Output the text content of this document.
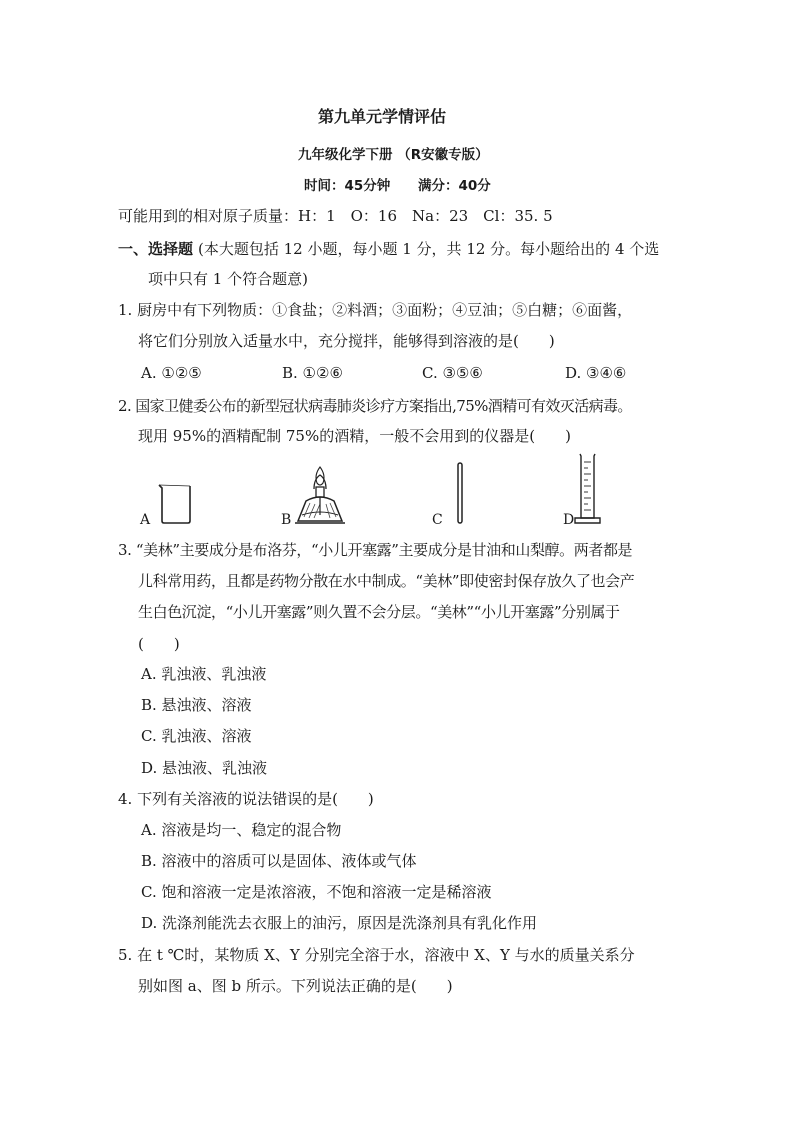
第九单元学情评估
九年级化学下册 （R安徽专版）
时间：45分钟 满分：40分
可能用到的相对原子质量：H：1　O：16　Na：23　Cl：35. 5
一、选择题 (本大题包括 12 小题，每小题 1 分，共 12 分。每小题给出的 4 个选
项中只有 1 个符合题意)
1. 厨房中有下列物质：①食盐；②料酒；③面粉；④豆油；⑤白糖；⑥面酱，
将它们分别放入适量水中，充分搅拌，能够得到溶液的是(　　)
A. ①②⑤	B. ①②⑥	C. ③⑤⑥	D. ③④⑥
2. 国家卫健委公布的新型冠状病毒肺炎诊疗方案指出,75%酒精可有效灭活病毒。
现用 95%的酒精配制 75%的酒精，一般不会用到的仪器是(　　)
A	B	C	D
3. “美林”主要成分是布洛芬，“小儿开塞露”主要成分是甘油和山梨醇。两者都是
儿科常用药，且都是药物分散在水中制成。“美林”即使密封保存放久了也会产
生白色沉淀，“小儿开塞露”则久置不会分层。“美林”“小儿开塞露”分别属于
(　　)
A. 乳浊液、乳浊液
B. 悬浊液、溶液
C. 乳浊液、溶液
D. 悬浊液、乳浊液
4. 下列有关溶液的说法错误的是(　　)
A. 溶液是均一、稳定的混合物
B. 溶液中的溶质可以是固体、液体或气体
C. 饱和溶液一定是浓溶液，不饱和溶液一定是稀溶液
D. 洗涤剂能洗去衣服上的油污，原因是洗涤剂具有乳化作用
5. 在 t ℃时，某物质 X、Y 分别完全溶于水，溶液中 X、Y 与水的质量关系分
别如图 a、图 b 所示。下列说法正确的是(　　)
